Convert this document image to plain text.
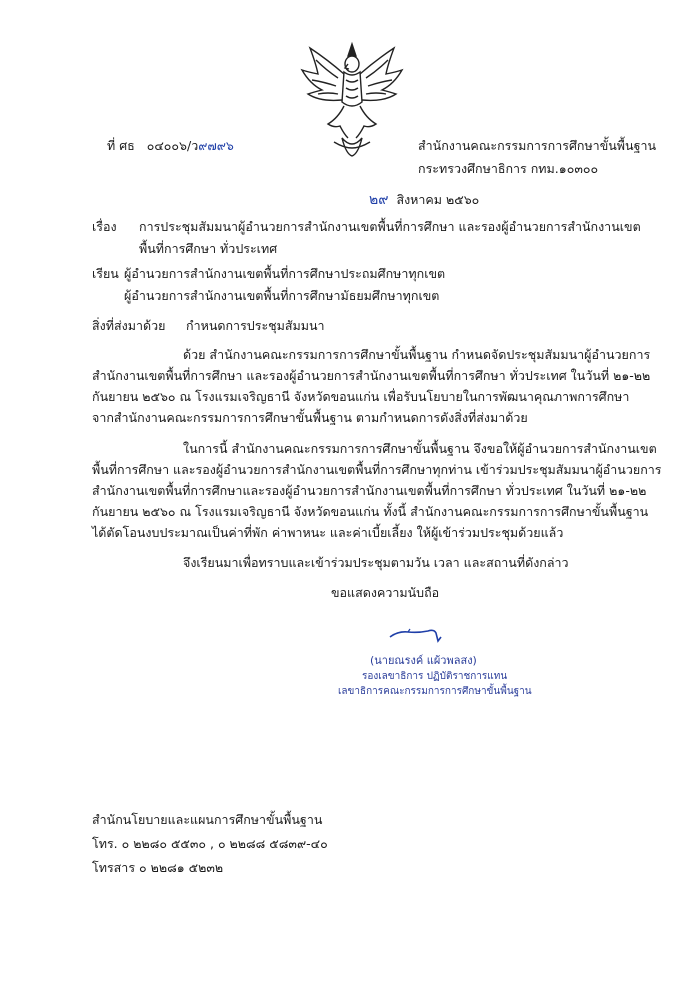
ที่ ศธ ๐๔๐๐๖/ว๙๗๙๖	สำนักงานคณะกรรมการการศึกษาขั้นพื้นฐาน
กระทรวงศึกษาธิการ กทม.๑๐๓๐๐
๒๙ สิงหาคม ๒๕๖๐
เรื่อง การประชุมสัมมนาผู้อำนวยการสำนักงานเขตพื้นที่การศึกษา และรองผู้อำนวยการสำนักงานเขต
พื้นที่การศึกษา ทั่วประเทศ
เรียน ผู้อำนวยการสำนักงานเขตพื้นที่การศึกษาประถมศึกษาทุกเขต
ผู้อำนวยการสำนักงานเขตพื้นที่การศึกษามัธยมศึกษาทุกเขต
สิ่งที่ส่งมาด้วย กำหนดการประชุมสัมมนา
ด้วย สำนักงานคณะกรรมการการศึกษาขั้นพื้นฐาน กำหนดจัดประชุมสัมมนาผู้อำนวยการ
สำนักงานเขตพื้นที่การศึกษา และรองผู้อำนวยการสำนักงานเขตพื้นที่การศึกษา ทั่วประเทศ ในวันที่ ๒๑-๒๒
กันยายน ๒๕๖๐ ณ โรงแรมเจริญธานี จังหวัดขอนแก่น เพื่อรับนโยบายในการพัฒนาคุณภาพการศึกษา
จากสำนักงานคณะกรรมการการศึกษาขั้นพื้นฐาน ตามกำหนดการดังสิ่งที่ส่งมาด้วย
ในการนี้ สำนักงานคณะกรรมการการศึกษาขั้นพื้นฐาน จึงขอให้ผู้อำนวยการสำนักงานเขต
พื้นที่การศึกษา และรองผู้อำนวยการสำนักงานเขตพื้นที่การศึกษาทุกท่าน เข้าร่วมประชุมสัมมนาผู้อำนวยการ
สำนักงานเขตพื้นที่การศึกษาและรองผู้อำนวยการสำนักงานเขตพื้นที่การศึกษา ทั่วประเทศ ในวันที่ ๒๑-๒๒
กันยายน ๒๕๖๐ ณ โรงแรมเจริญธานี จังหวัดขอนแก่น ทั้งนี้ สำนักงานคณะกรรมการการศึกษาขั้นพื้นฐาน
ได้ตัดโอนงบประมาณเป็นค่าที่พัก ค่าพาหนะ และค่าเบี้ยเลี้ยง ให้ผู้เข้าร่วมประชุมด้วยแล้ว
จึงเรียนมาเพื่อทราบและเข้าร่วมประชุมตามวัน เวลา และสถานที่ดังกล่าว
ขอแสดงความนับถือ
(นายณรงค์ แผ้วพลสง)
รองเลขาธิการ ปฏิบัติราชการแทน
เลขาธิการคณะกรรมการการศึกษาขั้นพื้นฐาน
สำนักนโยบายและแผนการศึกษาขั้นพื้นฐาน
โทร. ๐ ๒๒๘๐ ๕๕๓๐ , ๐ ๒๒๘๘ ๕๘๓๙-๔๐
โทรสาร ๐ ๒๒๘๑ ๕๒๓๒
